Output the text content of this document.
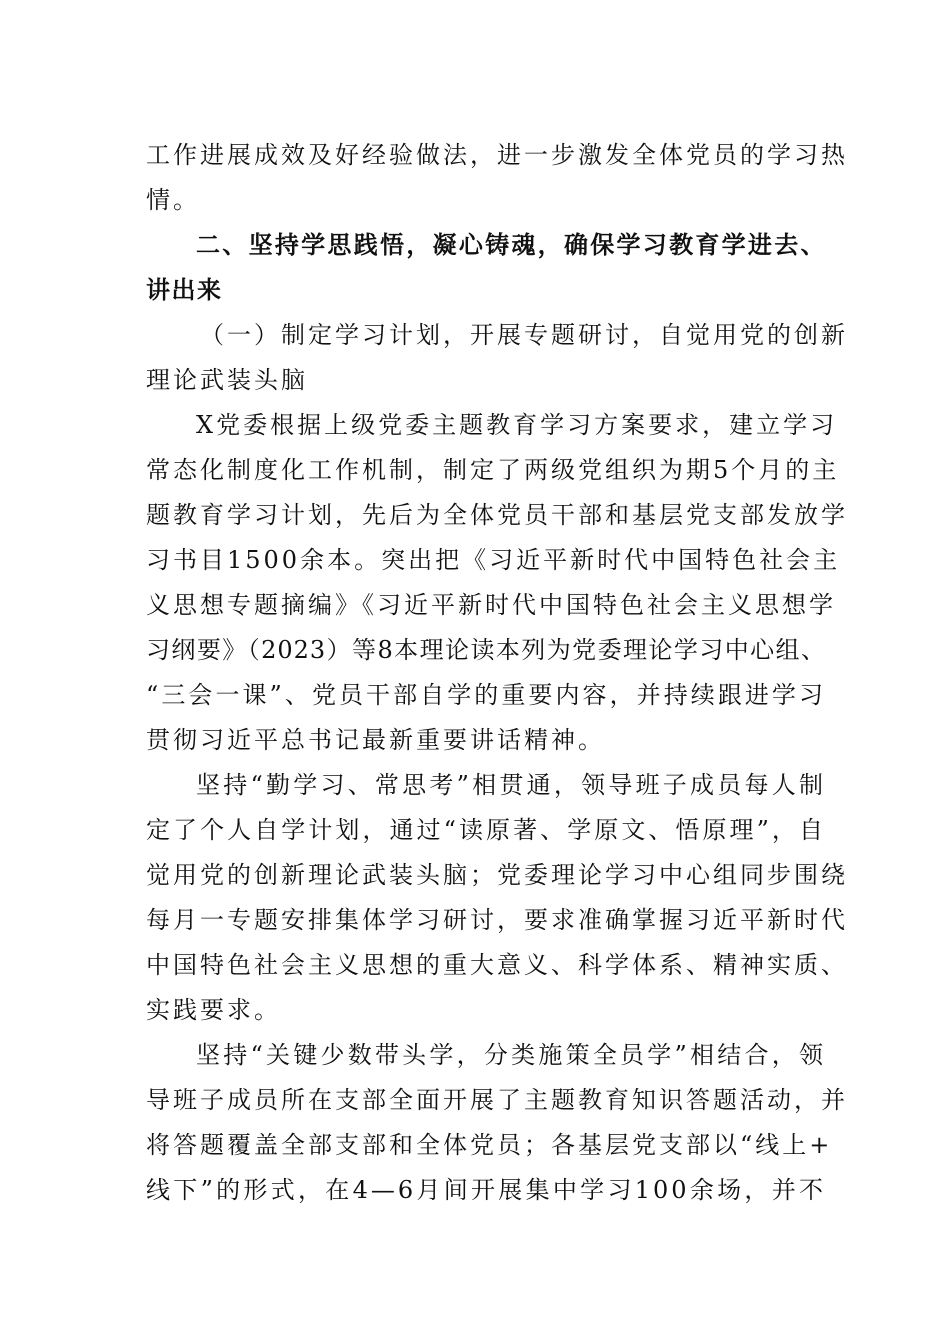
工作进展成效及好经验做法，进一步激发全体党员的学习热
情。
二、坚持学思践悟，凝心铸魂，确保学习教育学进去、
讲出来
（一）制定学习计划，开展专题研讨，自觉用党的创新
理论武装头脑
X党委根据上级党委主题教育学习方案要求，建立学习
常态化制度化工作机制，制定了两级党组织为期5个月的主
题教育学习计划，先后为全体党员干部和基层党支部发放学
习书目1500余本。突出把《习近平新时代中国特色社会主
义思想专题摘编》《习近平新时代中国特色社会主义思想学
习纲要》（2023）等8本理论读本列为党委理论学习中心组、
“三会一课”、党员干部自学的重要内容，并持续跟进学习
贯彻习近平总书记最新重要讲话精神。
坚持“勤学习、常思考”相贯通，领导班子成员每人制
定了个人自学计划，通过“读原著、学原文、悟原理”，自
觉用党的创新理论武装头脑；党委理论学习中心组同步围绕
每月一专题安排集体学习研讨，要求准确掌握习近平新时代
中国特色社会主义思想的重大意义、科学体系、精神实质、
实践要求。
坚持“关键少数带头学，分类施策全员学”相结合，领
导班子成员所在支部全面开展了主题教育知识答题活动，并
将答题覆盖全部支部和全体党员；各基层党支部以“线上+
线下”的形式，在4—6月间开展集中学习100余场，并不
